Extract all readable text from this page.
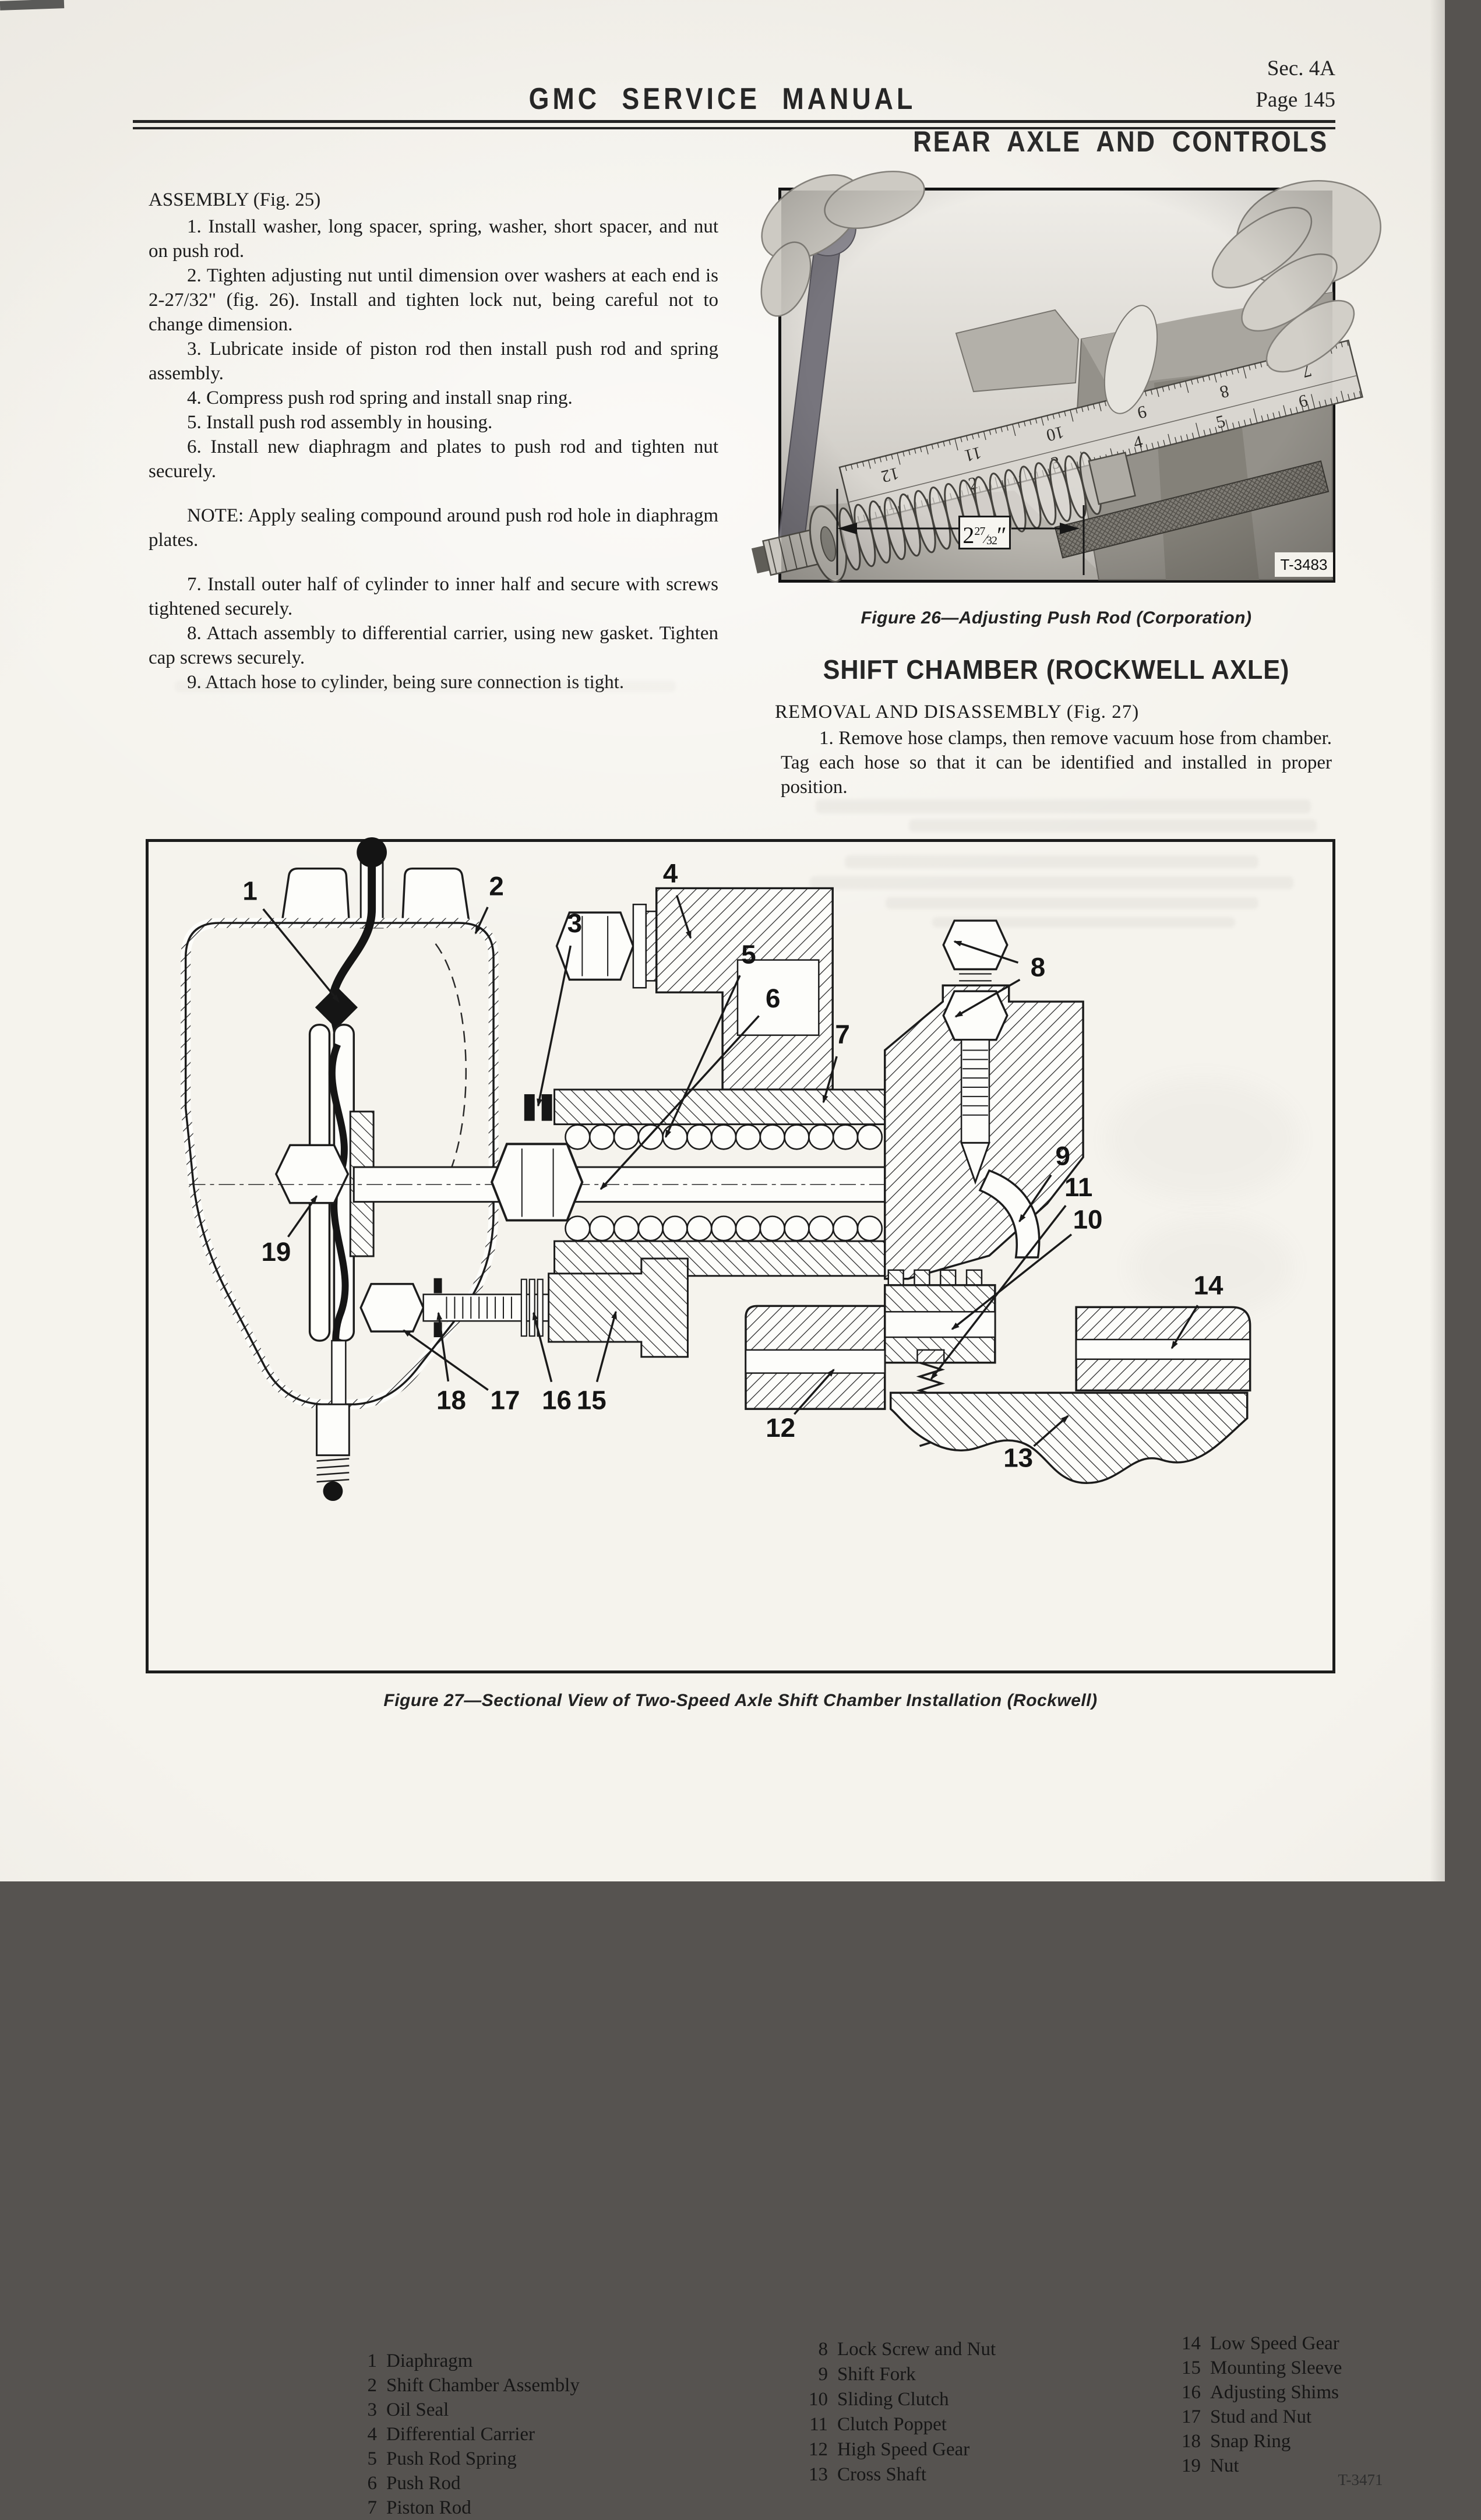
GMC SERVICE MANUAL
Sec. 4A
Page 145
REAR AXLE AND CONTROLS

ASSEMBLY (Fig. 25)

1. Install washer, long spacer, spring, washer, short spacer, and nut on push rod.

2. Tighten adjusting nut until dimension over washers at each end is 2-27/32" (fig. 26). Install and tighten lock nut, being careful not to change dimension.

3. Lubricate inside of piston rod then install push rod and spring assembly.

4. Compress push rod spring and install snap ring.

5. Install push rod assembly in housing.

6. Install new diaphragm and plates to push rod and tighten nut securely.

NOTE: Apply sealing compound around push rod hole in diaphragm plates.

7. Install outer half of cylinder to inner half and secure with screws tightened securely.

8. Attach assembly to differential carrier, using new gasket. Tighten cap screws securely.

9. Attach hose to cylinder, being sure connection is tight.

$2^{27}⁄_{32}''$
T-3483
Figure 26—Adjusting Push Rod (Corporation)
SHIFT CHAMBER (ROCKWELL AXLE)
REMOVAL AND DISASSEMBLY (Fig. 27)

1. Remove hose clamps, then remove vacuum hose from chamber. Tag each hose so that it can be identified and installed in proper position.

1	2
3
4
5
6
7
8
9
10
11
12
13
14
15
16
17
18
19
1 Diaphragm
2 Shift Chamber Assembly
3 Oil Seal
4 Differential Carrier
5 Push Rod Spring
6 Push Rod
7 Piston Rod
8 Lock Screw and Nut
9 Shift Fork
10 Sliding Clutch
11 Clutch Poppet
12 High Speed Gear
13 Cross Shaft
14 Low Speed Gear
15 Mounting Sleeve
16 Adjusting Shims
17 Stud and Nut
18 Snap Ring
19 Nut
T-3471
Figure 27—Sectional View of Two-Speed Axle Shift Chamber Installation (Rockwell)
